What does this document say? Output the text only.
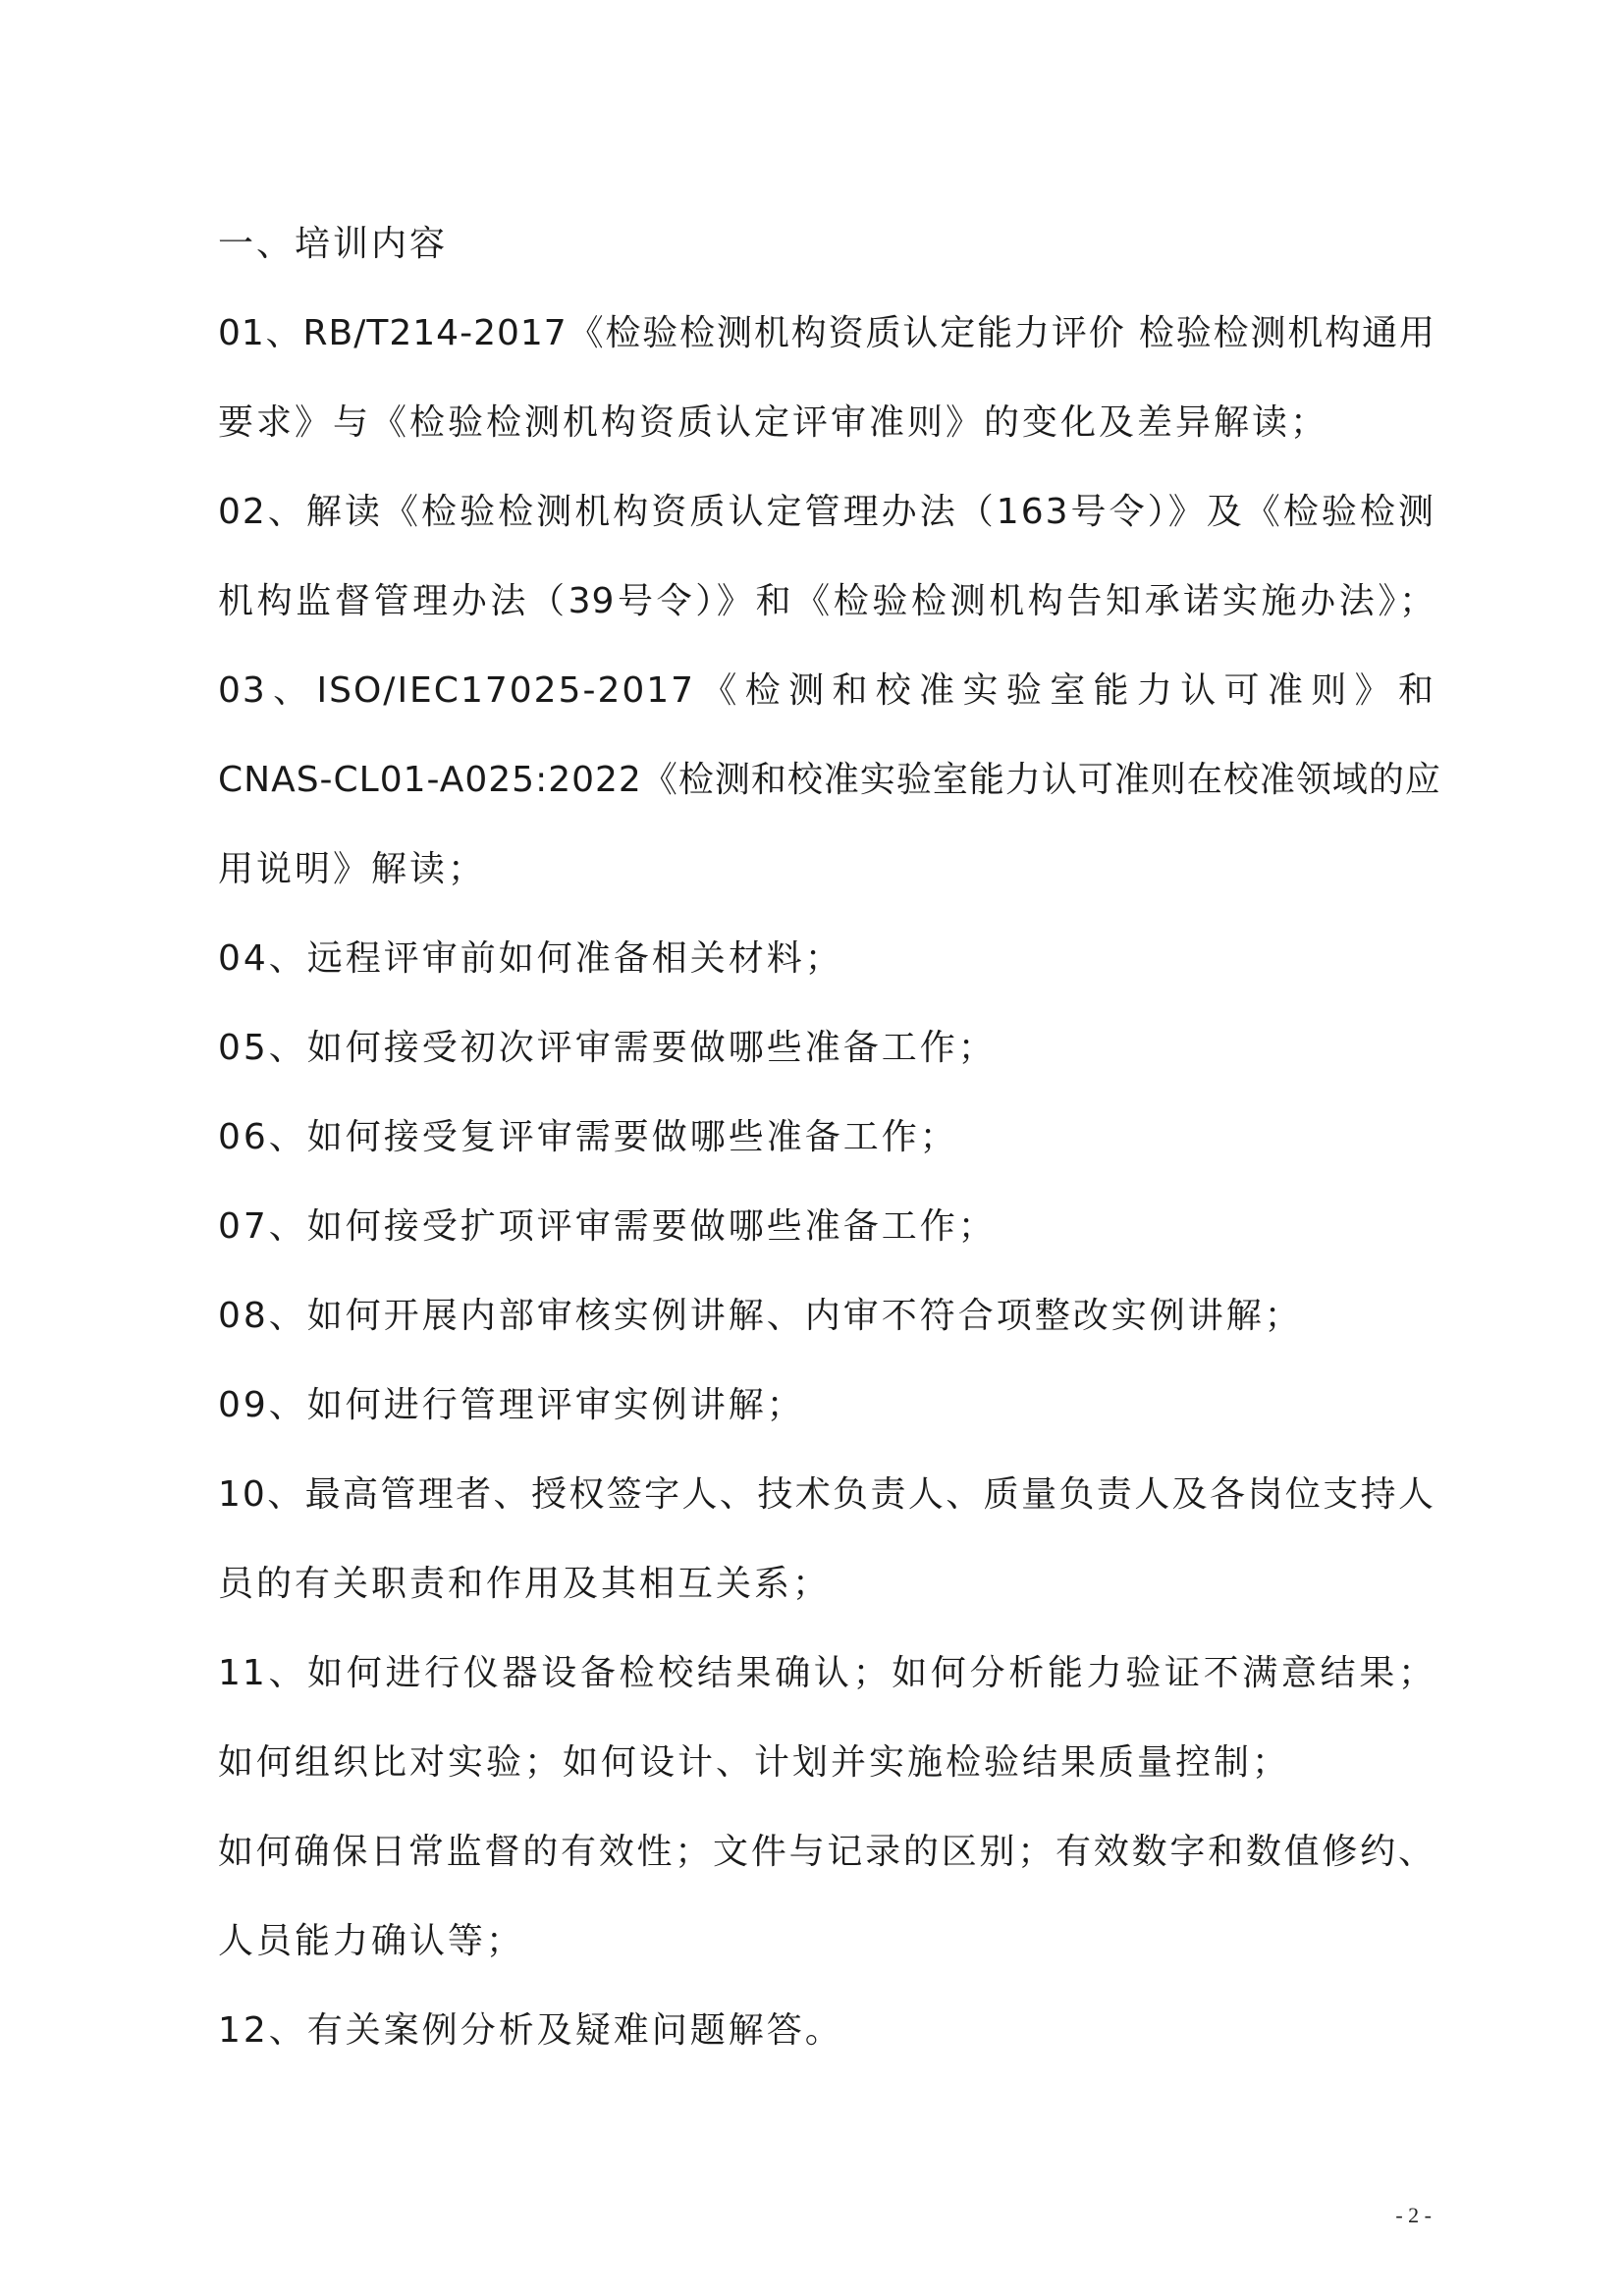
一、培训内容
01、RB/T214-2017《检验检测机构资质认定能力评价 检验检测机构通用
要求》与《检验检测机构资质认定评审准则》的变化及差异解读；
02、解读《检验检测机构资质认定管理办法（163号令）》及《检验检测
机构监督管理办法（39号令）》和《检验检测机构告知承诺实施办法》；
03、ISO/IEC17025-2017《检测和校准实验室能力认可准则》和
CNAS-CL01-A025:2022《检测和校准实验室能力认可准则在校准领域的应
用说明》解读；
04、远程评审前如何准备相关材料；
05、如何接受初次评审需要做哪些准备工作；
06、如何接受复评审需要做哪些准备工作；
07、如何接受扩项评审需要做哪些准备工作；
08、如何开展内部审核实例讲解、内审不符合项整改实例讲解；
09、如何进行管理评审实例讲解；
10、最高管理者、授权签字人、技术负责人、质量负责人及各岗位支持人
员的有关职责和作用及其相互关系；
11、如何进行仪器设备检校结果确认；如何分析能力验证不满意结果；
如何组织比对实验；如何设计、计划并实施检验结果质量控制；
如何确保日常监督的有效性；文件与记录的区别；有效数字和数值修约、
人员能力确认等；
12、有关案例分析及疑难问题解答。
- 2 -
